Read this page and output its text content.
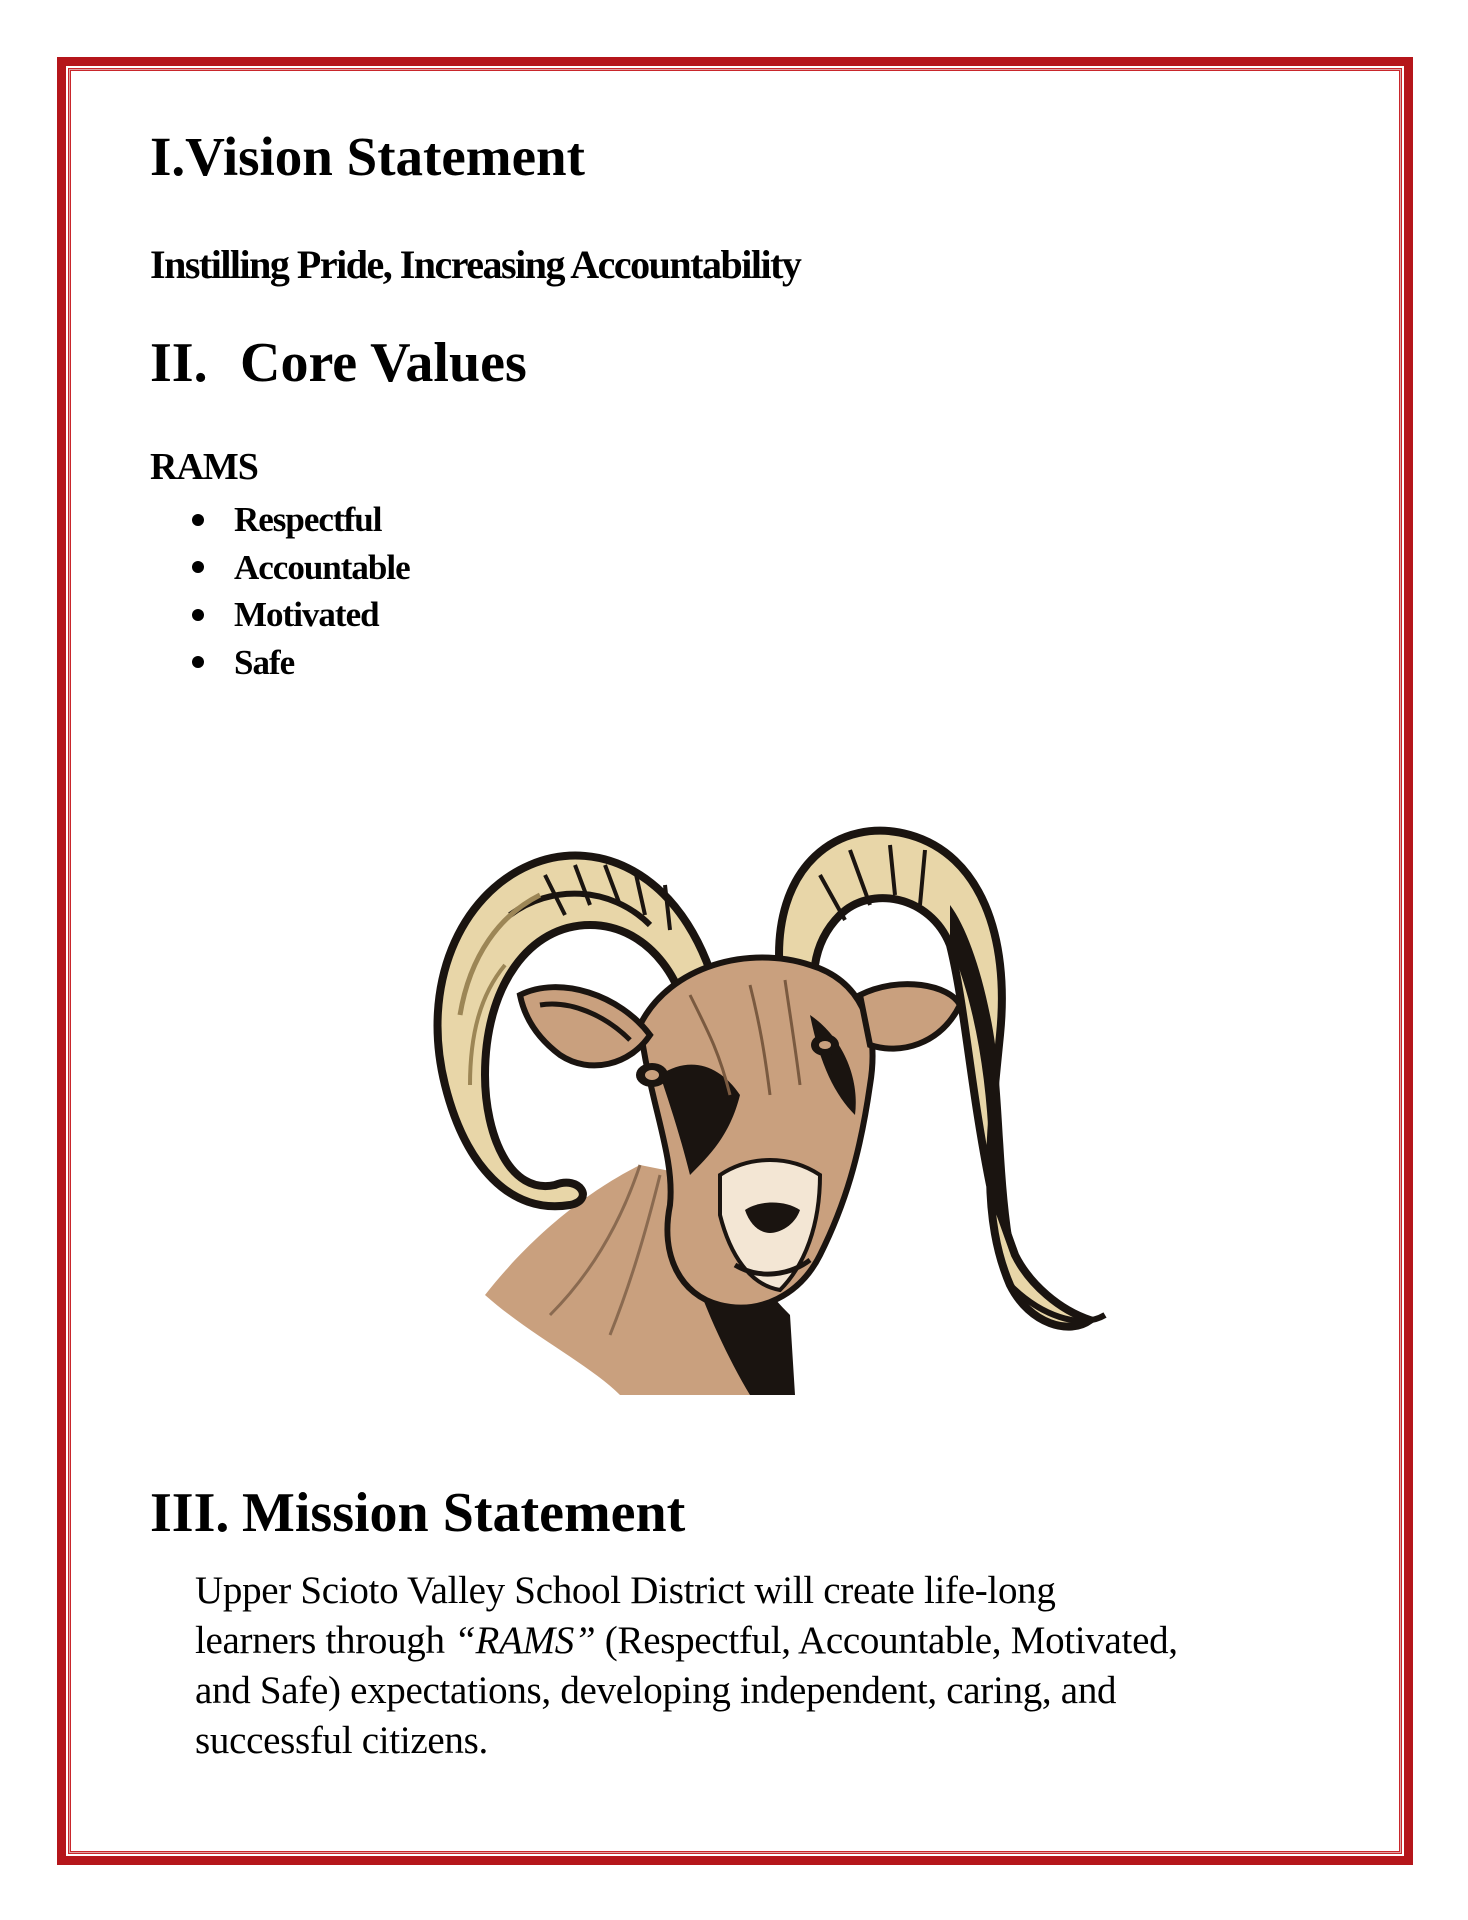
I.Vision Statement
Instilling Pride, Increasing Accountability
II. Core Values
RAMS
Respectful
Accountable
Motivated
Safe
III. Mission Statement
Upper Scioto Valley School District will create life-long
learners through “RAMS” (Respectful, Accountable, Motivated,
and Safe) expectations, developing independent, caring, and
successful citizens.
